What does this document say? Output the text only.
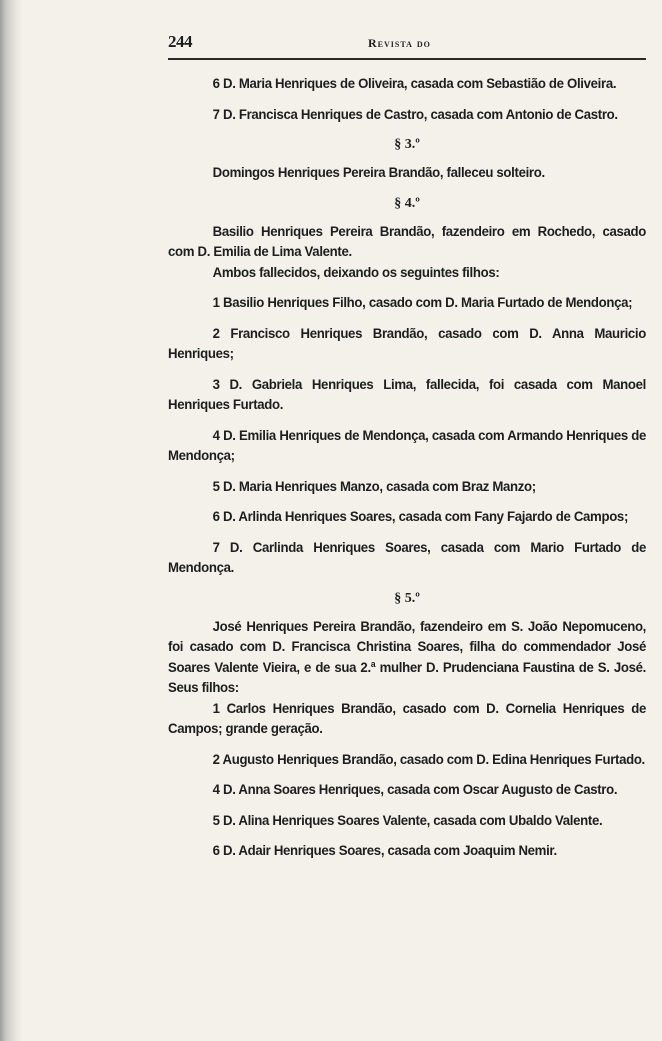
244	Revista do

6 D. Maria Henriques de Oliveira, casada com Sebastião de Oliveira.

7 D. Francisca Henriques de Castro, casada com Antonio de Castro.

§ 3.º

Domingos Henriques Pereira Brandão, falleceu solteiro.

§ 4.º

Basilio Henriques Pereira Brandão, fazendeiro em Rochedo, casado com D. Emilia de Lima Valente.

Ambos fallecidos, deixando os seguintes filhos:

1 Basilio Henriques Filho, casado com D. Maria Furtado de Mendonça;

2 Francisco Henriques Brandão, casado com D. Anna Mauricio Henriques;

3 D. Gabriela Henriques Lima, fallecida, foi casada com Manoel Henriques Furtado.

4 D. Emilia Henriques de Mendonça, casada com Armando Henriques de Mendonça;

5 D. Maria Henriques Manzo, casada com Braz Manzo;

6 D. Arlinda Henriques Soares, casada com Fany Fajardo de Campos;

7 D. Carlinda Henriques Soares, casada com Mario Furtado de Mendonça.

§ 5.º

José Henriques Pereira Brandão, fazendeiro em S. João Nepomuceno, foi casado com D. Francisca Christina Soares, filha do commendador José Soares Valente Vieira, e de sua 2.ª mulher D. Prudenciana Faustina de S. José. Seus filhos:

1 Carlos Henriques Brandão, casado com D. Cornelia Henriques de Campos; grande geração.

2 Augusto Henriques Brandão, casado com D. Edina Henriques Furtado.

4 D. Anna Soares Henriques, casada com Oscar Augusto de Castro.

5 D. Alina Henriques Soares Valente, casada com Ubaldo Valente.

6 D. Adair Henriques Soares, casada com Joaquim Nemir.
